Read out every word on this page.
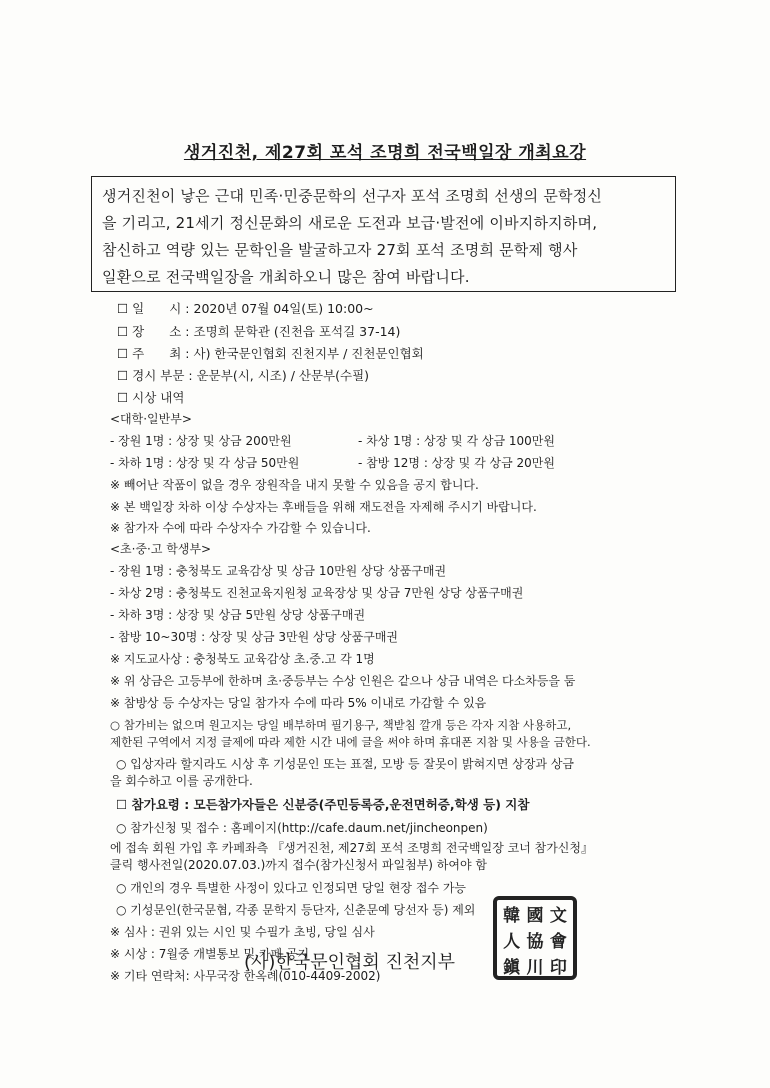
생거진천, 제27회 포석 조명희 전국백일장 개최요강
생거진천이 낳은 근대 민족·민중문학의 선구자 포석 조명희 선생의 문학정신
을 기리고, 21세기 정신문화의 새로운 도전과 보급·발전에 이바지하지하며,
참신하고 역량 있는 문학인을 발굴하고자 27회 포석 조명희 문학제 행사
일환으로 전국백일장을 개최하오니 많은 참여 바랍니다.
☐ 일　　시 : 2020년 07월 04일(토) 10:00~
☐ 장　　소 : 조명희 문학관 (진천읍 포석길 37-14)
☐ 주　　최 : 사) 한국문인협회 진천지부 / 진천문인협회
☐ 경시 부문 : 운문부(시, 시조) / 산문부(수필)
☐ 시상 내역
<대학·일반부>
- 장원 1명 : 상장 및 상금 200만원	- 차상 1명 : 상장 및 각 상금 100만원
- 차하 1명 : 상장 및 각 상금 50만원	- 참방 12명 : 상장 및 각 상금 20만원
※ 빼어난 작품이 없을 경우 장원작을 내지 못할 수 있음을 공지 합니다.
※ 본 백일장 차하 이상 수상자는 후배들을 위해 재도전을 자제해 주시기 바랍니다.
※ 참가자 수에 따라 수상자수 가감할 수 있습니다.
<초·중·고 학생부>
- 장원 1명 : 충청북도 교육감상 및 상금 10만원 상당 상품구매권
- 차상 2명 : 충청북도 진천교육지원청 교육장상 및 상금 7만원 상당 상품구매권
- 차하 3명 : 상장 및 상금 5만원 상당 상품구매권
- 참방 10~30명 : 상장 및 상금 3만원 상당 상품구매권
※ 지도교사상 : 충청북도 교육감상 초.중.고 각 1명
※ 위 상금은 고등부에 한하며 초·중등부는 수상 인원은 같으나 상금 내역은 다소차등을 둠
※ 참방상 등 수상자는 당일 참가자 수에 따라 5% 이내로 가감할 수 있음
○ 참가비는 없으며 원고지는 당일 배부하며 필기용구, 책받침 깔개 등은 각자 지참 사용하고,
제한된 구역에서 지정 글제에 따라 제한 시간 내에 글을 써야 하며 휴대폰 지참 및 사용을 금한다.
○ 입상자라 할지라도 시상 후 기성문인 또는 표절, 모방 등 잘못이 밝혀지면 상장과 상금
을 회수하고 이를 공개한다.
☐ 참가요령 : 모든참가자들은 신분증(주민등록증,운전면허증,학생 등) 지참
○ 참가신청 및 접수 : 홈페이지(http://cafe.daum.net/jincheonpen)
에 접속 회원 가입 후 카페좌측 『생거진천, 제27회 포석 조명희 전국백일장 코너 참가신청』
클릭 행사전일(2020.07.03.)까지 접수(참가신청서 파일첨부) 하여야 함
○ 개인의 경우 특별한 사정이 있다고 인정되면 당일 현장 접수 가능
○ 기성문인(한국문협, 각종 문학지 등단자, 신춘문예 당선자 등) 제외
※ 심사 : 권위 있는 시인 및 수필가 초빙, 당일 심사
※ 시상 : 7월중 개별통보 및 카페 공지
※ 기타 연락처: 사무국장 한옥례(010-4409-2002)
(사)한국문인협회 진천지부
韓 國 文
人 協 會
鎭 川 印
